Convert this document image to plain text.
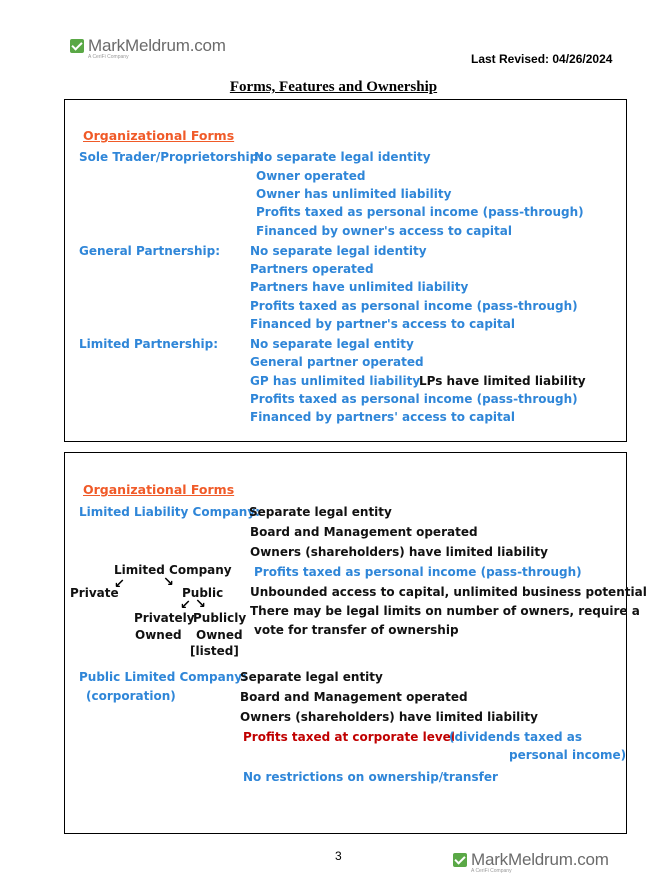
MarkMeldrum.com
A CeriFi Company	Last Revised: 04/26/2024
Forms, Features and Ownership
Organizational Forms
Sole Trader/Proprietorship:
No separate legal identity
Owner operated
Owner has unlimited liability
Profits taxed as personal income (pass-through)
Financed by owner's access to capital
General Partnership:	No separate legal identity
Partners operated
Partners have unlimited liability
Profits taxed as personal income (pass-through)
Financed by partner's access to capital
Limited Partnership:	No separate legal entity
General partner operated
GP has unlimited liability
LPs have limited liability
Profits taxed as personal income (pass-through)
Financed by partners' access to capital
Organizational Forms
Limited Liability Company:
Separate legal entity
Board and Management operated
Owners (shareholders) have limited liability
Profits taxed as personal income (pass-through)
Unbounded access to capital, unlimited business potential
There may be legal limits on number of owners, require a
vote for transfer of ownership
Limited Company
↙	↘
Private	Public
↙ ↘
Privately
Publicly
Owned Owned
[listed]
Public Limited Company:
(corporation)
Separate legal entity
Board and Management operated
Owners (shareholders) have limited liability
Profits taxed at corporate level
(dividends taxed as
personal income)
No restrictions on ownership/transfer
3	MarkMeldrum.com
A CeriFi Company
